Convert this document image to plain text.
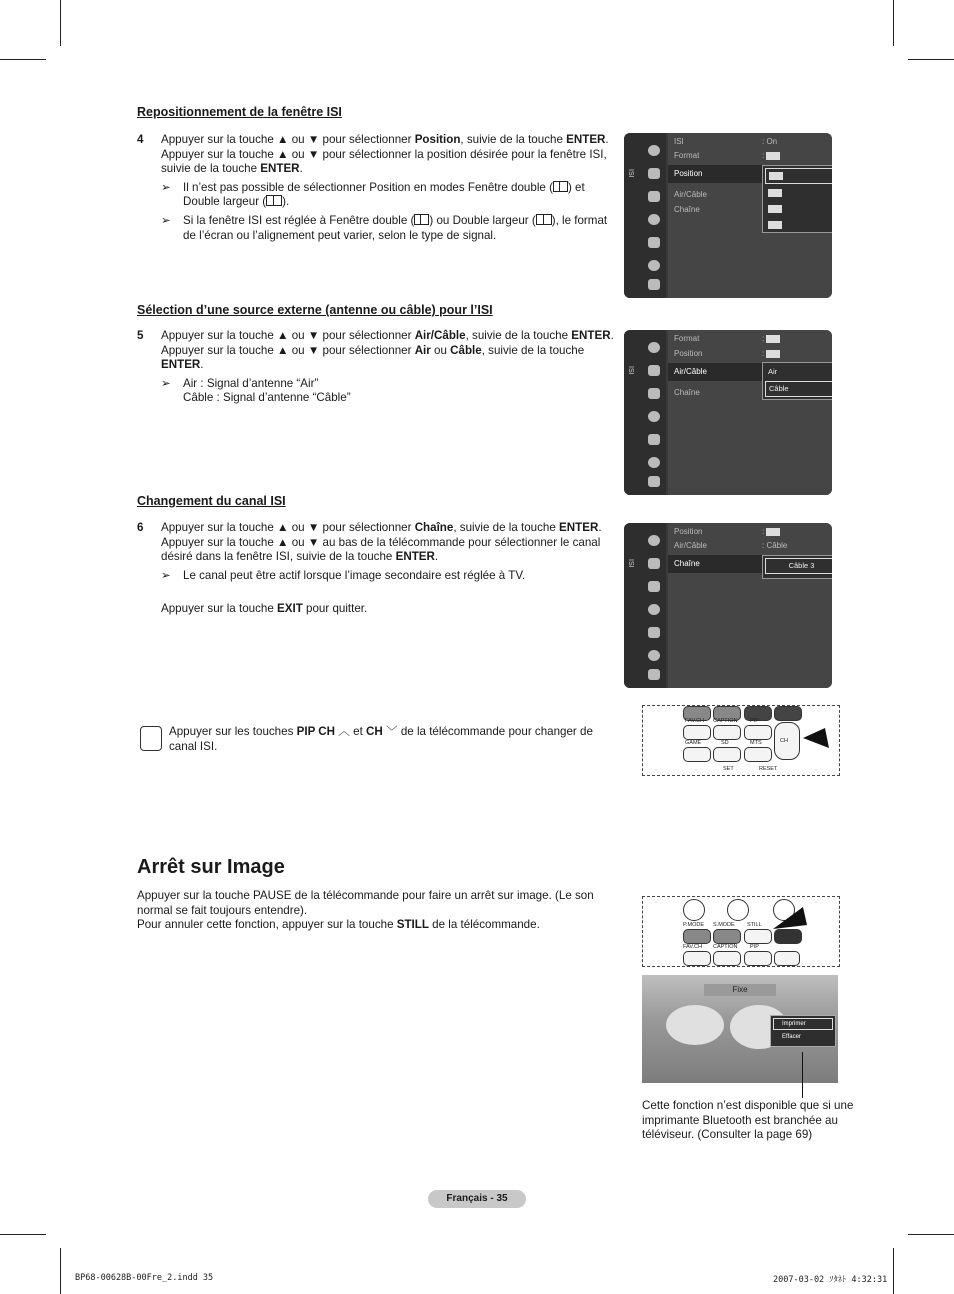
Repositionnement de la fenêtre ISI
4 Appuyer sur la touche ▲ ou ▼ pour sélectionner Position, suivie de la touche ENTER.
Appuyer sur la touche ▲ ou ▼ pour sélectionner la position désirée pour la fenêtre ISI, suivie de la touche ENTER.
➢ Il n’est pas possible de sélectionner Position en modes Fenêtre double ( ) et Double largeur ( ).
➢ Si la fenêtre ISI est réglée à Fenêtre double ( ) ou Double largeur ( ), le format de l’écran ou l’alignement peut varier, selon le type de signal.
ISI
ISI	: On
Format	:
Position
Air/Câble
Chaîne
Sélection d’une source externe (antenne ou câble) pour l’ISI
5 Appuyer sur la touche ▲ ou ▼ pour sélectionner Air/Câble, suivie de la touche ENTER.
Appuyer sur la touche ▲ ou ▼ pour sélectionner Air ou Câble, suivie de la touche ENTER.
➢ Air : Signal d’antenne “Air”
Câble : Signal d’antenne “Câble”
ISI
Format	:
Position	:
Air/Câble
Chaîne
Air
Câble
Changement du canal ISI
6 Appuyer sur la touche ▲ ou ▼ pour sélectionner Chaîne, suivie de la touche ENTER.
Appuyer sur la touche ▲ ou ▼ au bas de la télécommande pour sélectionner le canal désiré dans la fenêtre ISI, suivie de la touche ENTER.
➢ Le canal peut être actif lorsque l’image secondaire est réglée à TV.
Appuyer sur la touche EXIT pour quitter.
ISI
Position	:
Air/Câble	: Câble
Chaîne	Câble 3
Appuyer sur les touches PIP CH ︿ et CH ﹀ de la télécommande pour changer de canal ISI.
FAV.CH CAPTION PIP
GAME	SD	MTS	CH
SET	RESET
Arrêt sur Image
Appuyer sur la touche PAUSE de la télécommande pour faire un arrêt sur image. (Le son normal se fait toujours entendre).
Pour annuler cette fonction, appuyer sur la touche STILL de la télécommande.	P.MODE S.MODE STILL
FAV.CH CAPTION PIP
Fixe
Imprimer
Effacer
Cette fonction n’est disponible que si une imprimante Bluetooth est branchée au téléviseur. (Consulter la page 69)
Français - 35
BP68-00628B-00Fre_2.indd 35	2007-03-02 ｿﾀﾈﾄ 4:32:31
